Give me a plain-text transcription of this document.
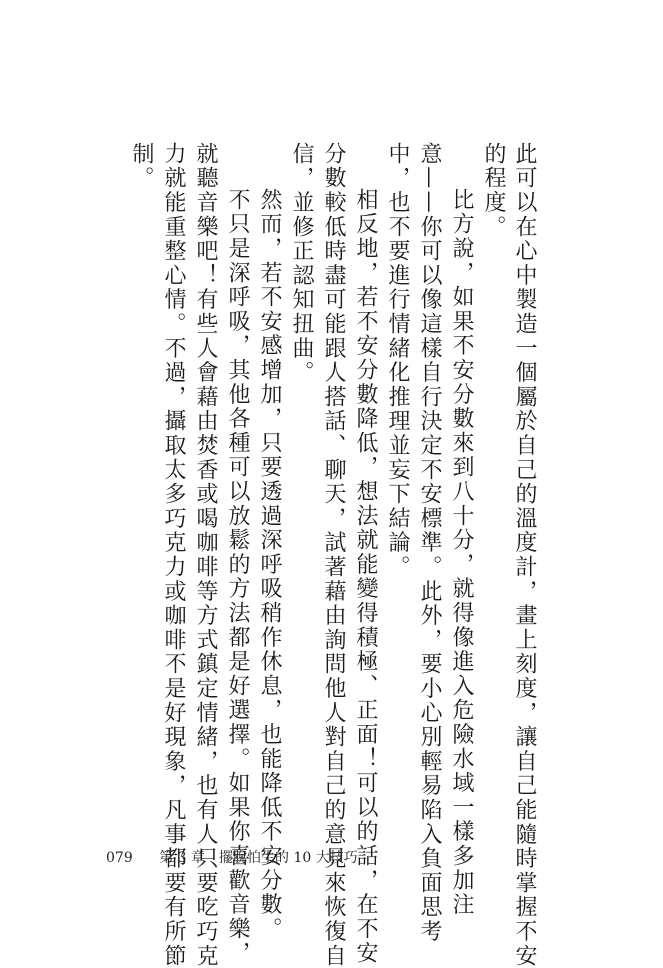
此可以在心中製造一個屬於自己的溫度計，畫上刻度，讓自己能隨時掌握不安
的程度。
比方說，如果不安分數來到八十分，就得像進入危險水域一樣多加注
意——你可以像這樣自行決定不安標準。此外，要小心別輕易陷入負面思考
中，也不要進行情緒化推理並妄下結論。
相反地，若不安分數降低，想法就能變得積極、正面！可以的話，在不安
分數較低時盡可能跟人搭話、聊天，試著藉由詢問他人對自己的意見來恢復自
信，並修正認知扭曲。
然而，若不安感增加，只要透過深呼吸稍作休息，也能降低不安分數。
不只是深呼吸，其他各種可以放鬆的方法都是好選擇。如果你喜歡音樂，
就聽音樂吧！有些人會藉由焚香或喝咖啡等方式鎮定情緒，也有人只要吃巧克
力就能重整心情。不過，攝取太多巧克力或咖啡不是好現象，凡事都要有所節
制。
079 第 3 章　擺脫怕生的 10 大技巧
